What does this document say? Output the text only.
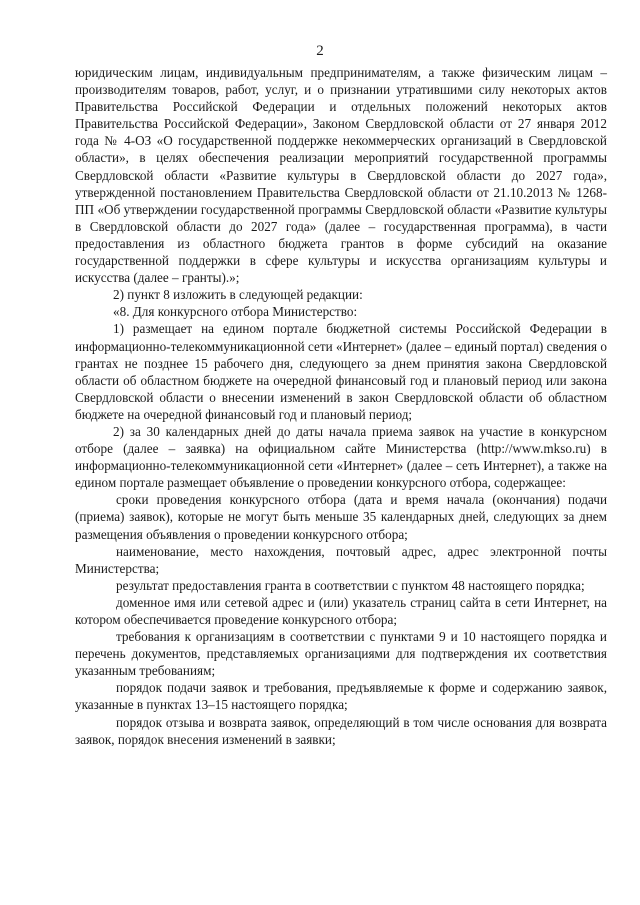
2

юридическим лицам, индивидуальным предпринимателям, а также физическим лицам – производителям товаров, работ, услуг, и о признании утратившими силу некоторых актов Правительства Российской Федерации и отдельных положений некоторых актов Правительства Российской Федерации», Законом Свердловской области от 27 января 2012 года № 4-ОЗ «О государственной поддержке некоммерческих организаций в Свердловской области», в целях обеспечения реализации мероприятий государственной программы Свердловской области «Развитие культуры в Свердловской области до 2027 года», утвержденной постановлением Правительства Свердловской области от 21.10.2013 № 1268-ПП «Об утверждении государственной программы Свердловской области «Развитие культуры в Свердловской области до 2027 года» (далее – государственная программа), в части предоставления из областного бюджета грантов в форме субсидий на оказание государственной поддержки в сфере культуры и искусства организациям культуры и искусства (далее – гранты).»;

2) пункт 8 изложить в следующей редакции:

«8. Для конкурсного отбора Министерство:

1) размещает на едином портале бюджетной системы Российской Федерации в информационно-телекоммуникационной сети «Интернет» (далее – единый портал) сведения о грантах не позднее 15 рабочего дня, следующего за днем принятия закона Свердловской области об областном бюджете на очередной финансовый год и плановый период или закона Свердловской области о внесении изменений в закон Свердловской области об областном бюджете на очередной финансовый год и плановый период;

2) за 30 календарных дней до даты начала приема заявок на участие в конкурсном отборе (далее – заявка) на официальном сайте Министерства (http://www.mkso.ru) в информационно-телекоммуникационной сети «Интернет» (далее – сеть Интернет), а также на едином портале размещает объявление о проведении конкурсного отбора, содержащее:

сроки проведения конкурсного отбора (дата и время начала (окончания) подачи (приема) заявок), которые не могут быть меньше 35 календарных дней, следующих за днем размещения объявления о проведении конкурсного отбора;

наименование, место нахождения, почтовый адрес, адрес электронной почты Министерства;

результат предоставления гранта в соответствии с пунктом 48 настоящего порядка;

доменное имя или сетевой адрес и (или) указатель страниц сайта в сети Интернет, на котором обеспечивается проведение конкурсного отбора;

требования к организациям в соответствии с пунктами 9 и 10 настоящего порядка и перечень документов, представляемых организациями для подтверждения их соответствия указанным требованиям;

порядок подачи заявок и требования, предъявляемые к форме и содержанию заявок, указанные в пунктах 13–15 настоящего порядка;

порядок отзыва и возврата заявок, определяющий в том числе основания для возврата заявок, порядок внесения изменений в заявки;
